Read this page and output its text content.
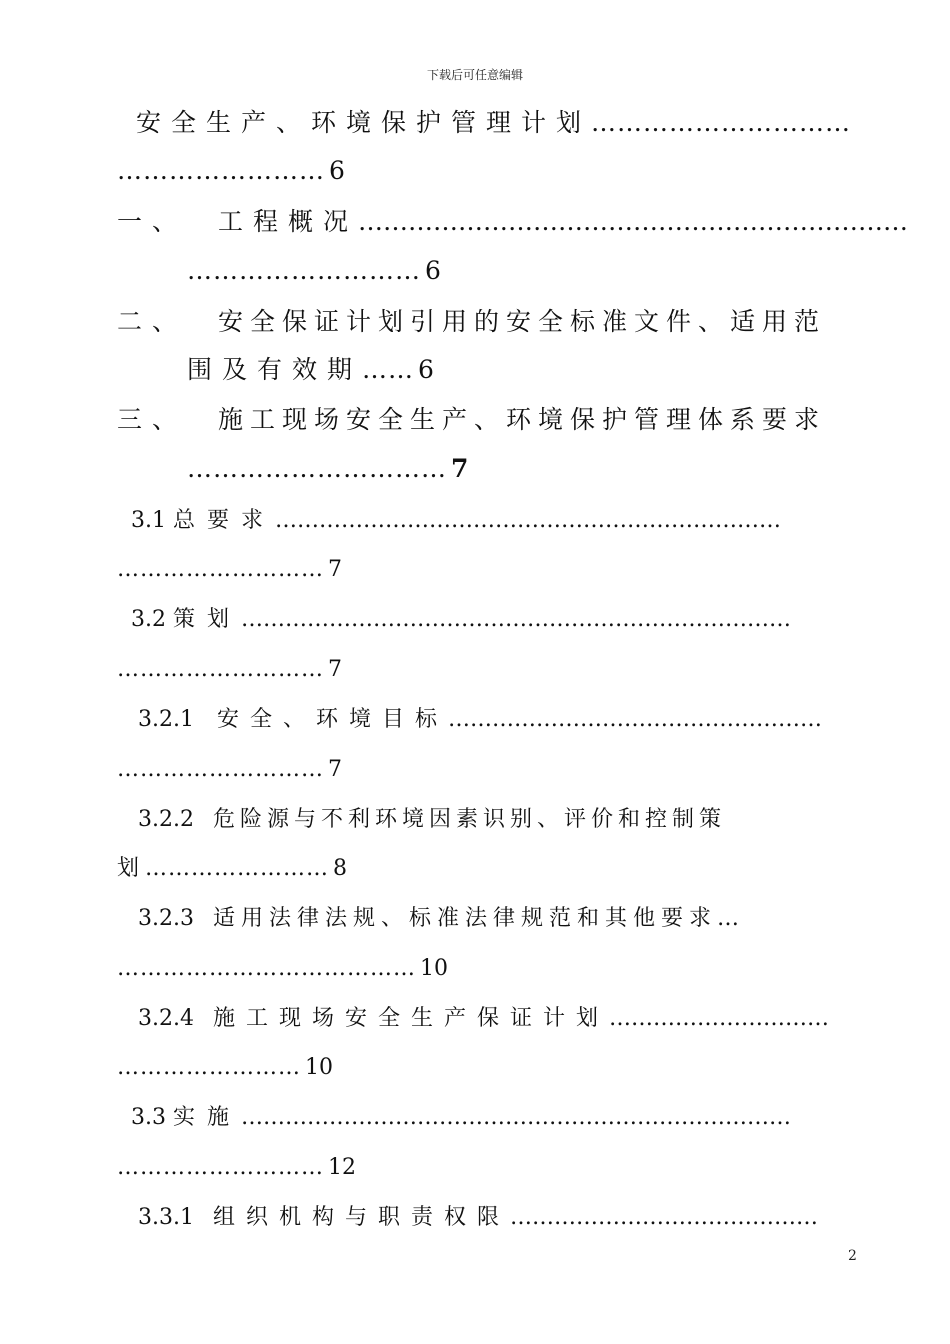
下载后可任意编辑
安全生产、环境保护管理计划…………………………
…………………… 6
一、 工程概况…………………………………………………………
……………………… 6
二、 安全保证计划引用的安全标准文件、适用范
围及有效期…… 6
三、 施工现场安全生产、环境保护管理体系要求
………………………… 7
3.1 总要求……………………………………………………………
……………………… 7
3.2 策划…………………………………………………………………
……………………… 7
3.2.1 安全、环境目标……………………………………………
……………………… 7
3.2.2 危险源与不利环境因素识别、评价和控制策
划 …………………… 8
3.2.3 适用法律法规、标准法律规范和其他要求…
………………………………… 10
3.2.4 施工现场安全生产保证计划…………………………
…………………… 10
3.3 实施…………………………………………………………………
……………………… 12
3.3.1 组织机构与职责权限……………………………………
2
